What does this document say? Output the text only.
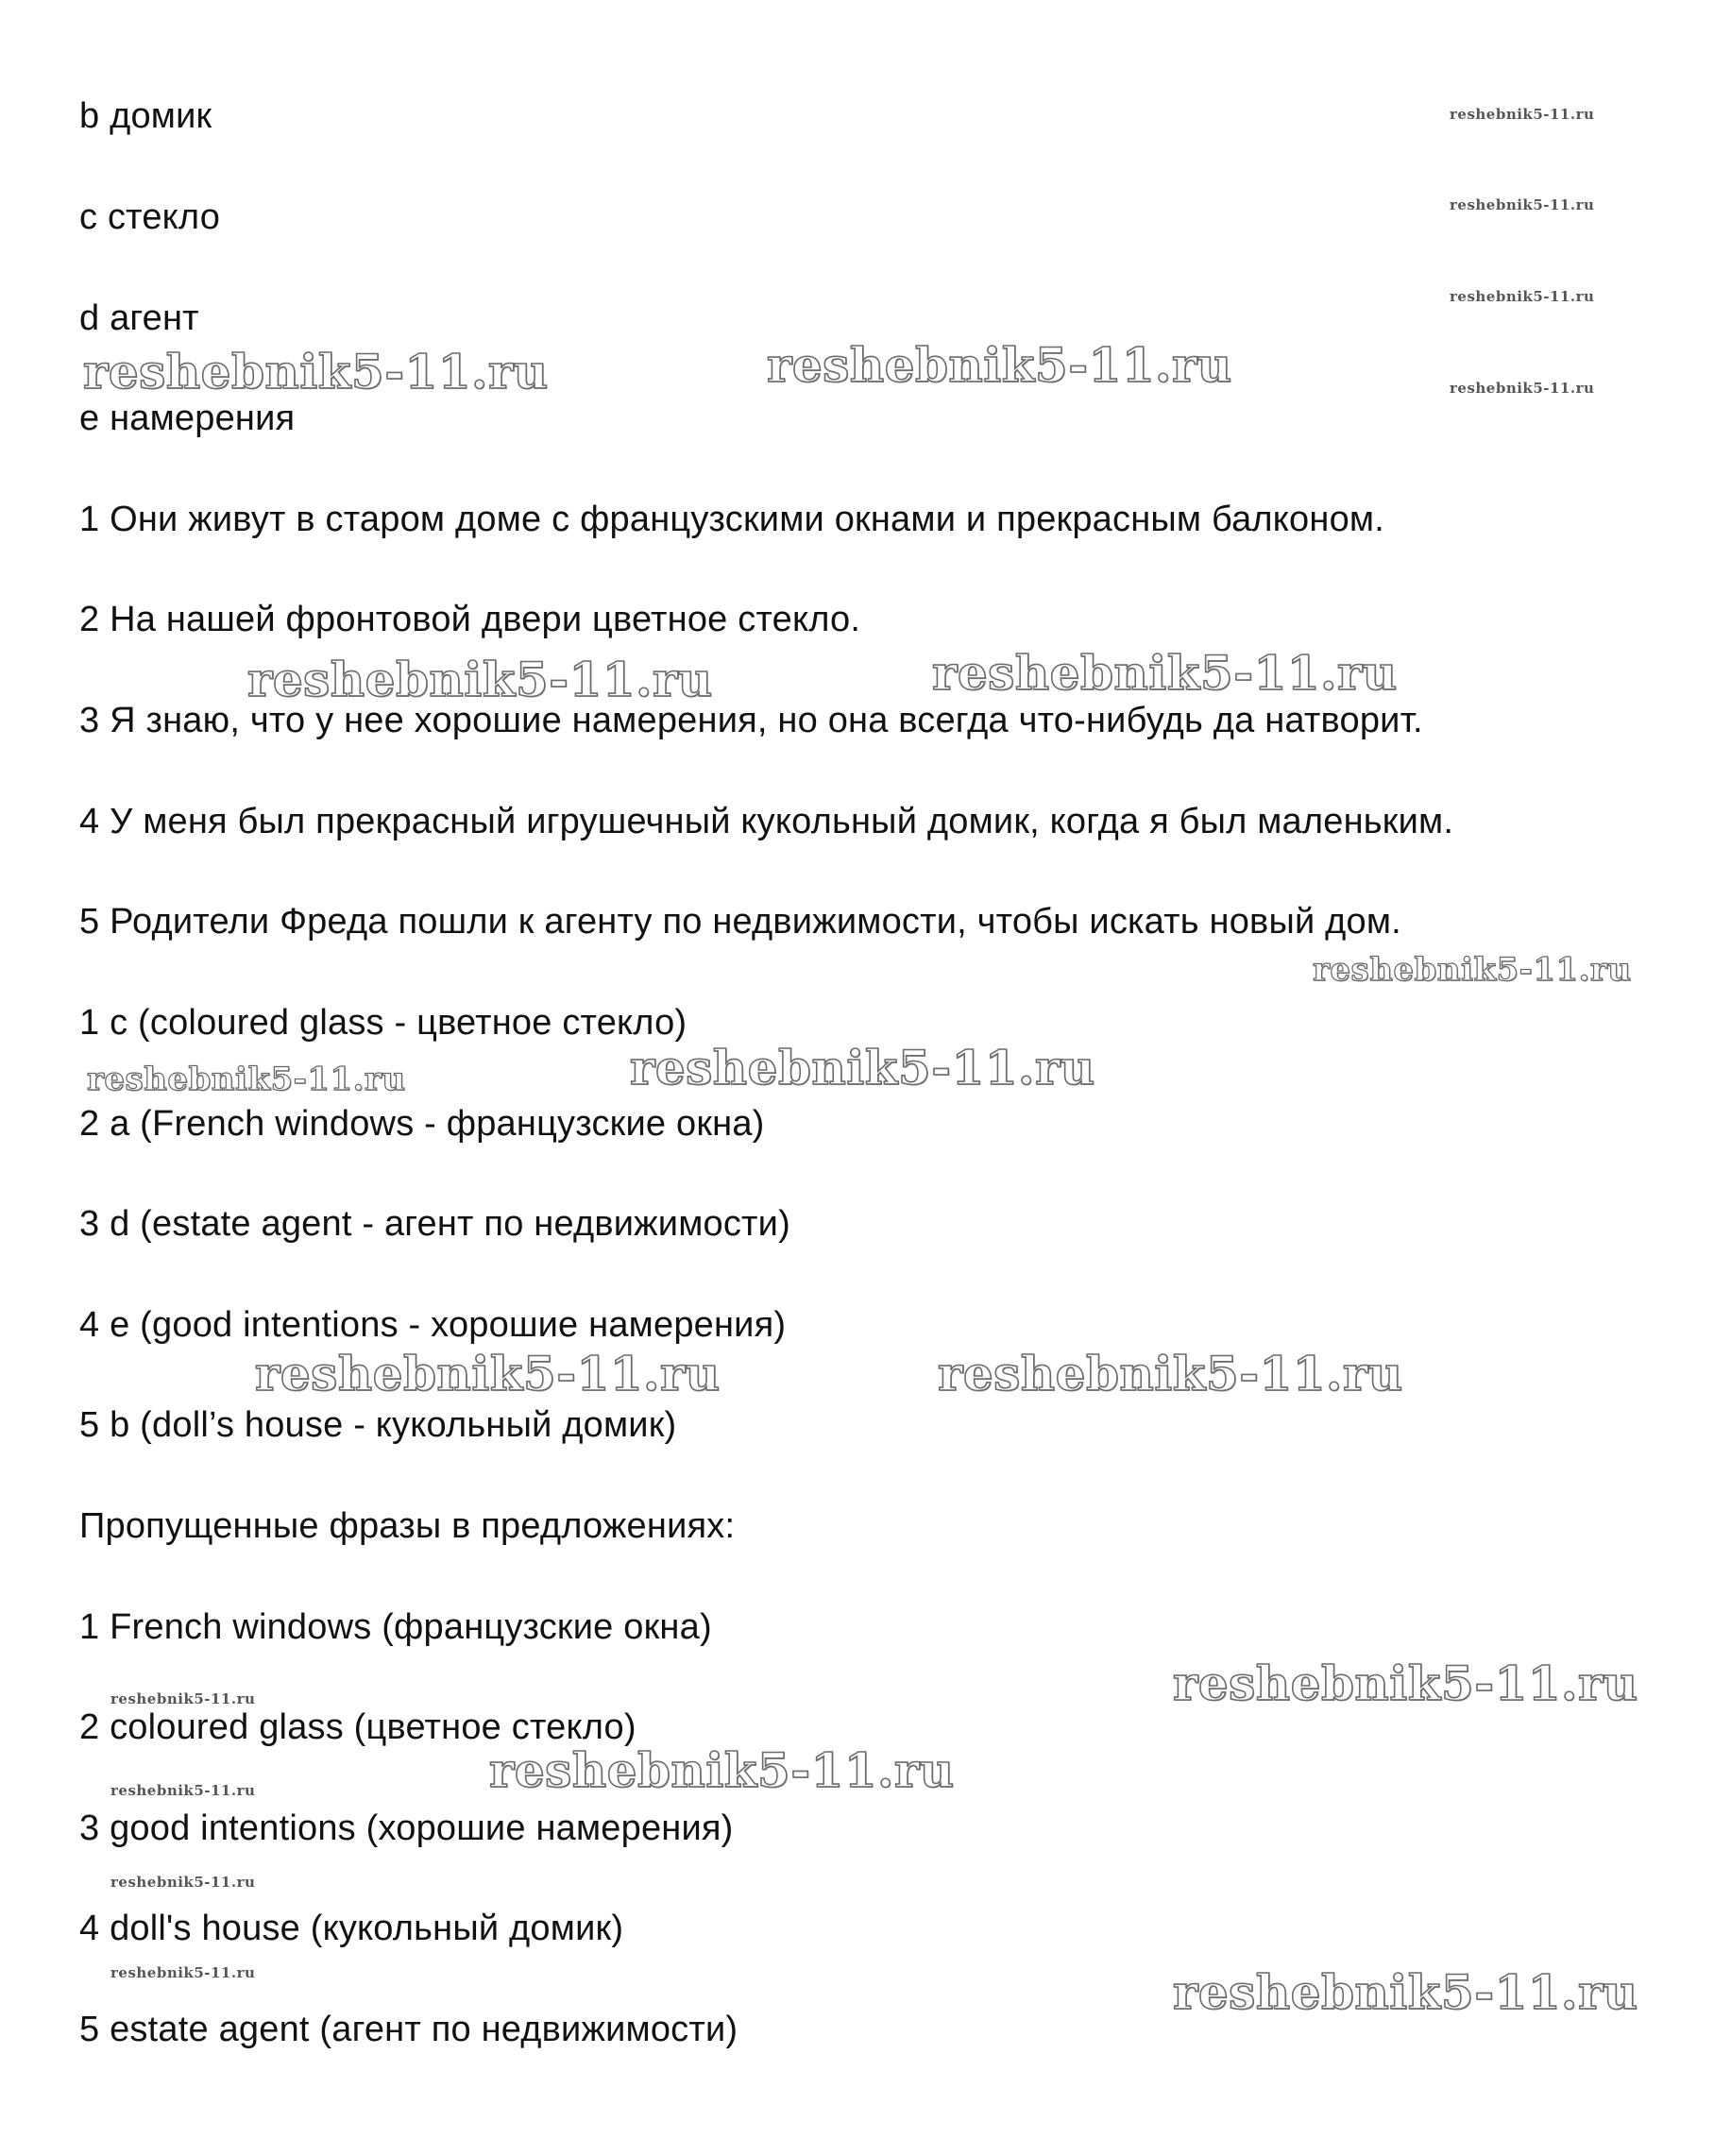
b домик
c стекло
d агент
e намерения
1 Они живут в старом доме с французскими окнами и прекрасным балконом.
2 На нашей фронтовой двери цветное стекло.
3 Я знаю, что у нее хорошие намерения, но она всегда что-нибудь да натворит.
4 У меня был прекрасный игрушечный кукольный домик, когда я был маленьким.
5 Родители Фреда пошли к агенту по недвижимости, чтобы искать новый дом.
1 c (coloured glass - цветное стекло)
2 a (French windows - французские окна)
3 d (estate agent - агент по недвижимости)
4 e (good intentions - хорошие намерения)
5 b (doll’s house - кукольный домик)
Пропущенные фразы в предложениях:
1 French windows (французские окна)
2 coloured glass (цветное стекло)
3 good intentions (хорошие намерения)
4 doll's house (кукольный домик)
5 estate agent (агент по недвижимости)
reshebnik5-11.ru
reshebnik5-11.ru
reshebnik5-11.ru
reshebnik5-11.ru
reshebnik5-11.ru	reshebnik5-11.ru
reshebnik5-11.ru	reshebnik5-11.ru
reshebnik5-11.ru
reshebnik5-11.ru	reshebnik5-11.ru
reshebnik5-11.ru	reshebnik5-11.ru
reshebnik5-11.ru
reshebnik5-11.ru
reshebnik5-11.ru
reshebnik5-11.ru
reshebnik5-11.ru
reshebnik5-11.ru	reshebnik5-11.ru
